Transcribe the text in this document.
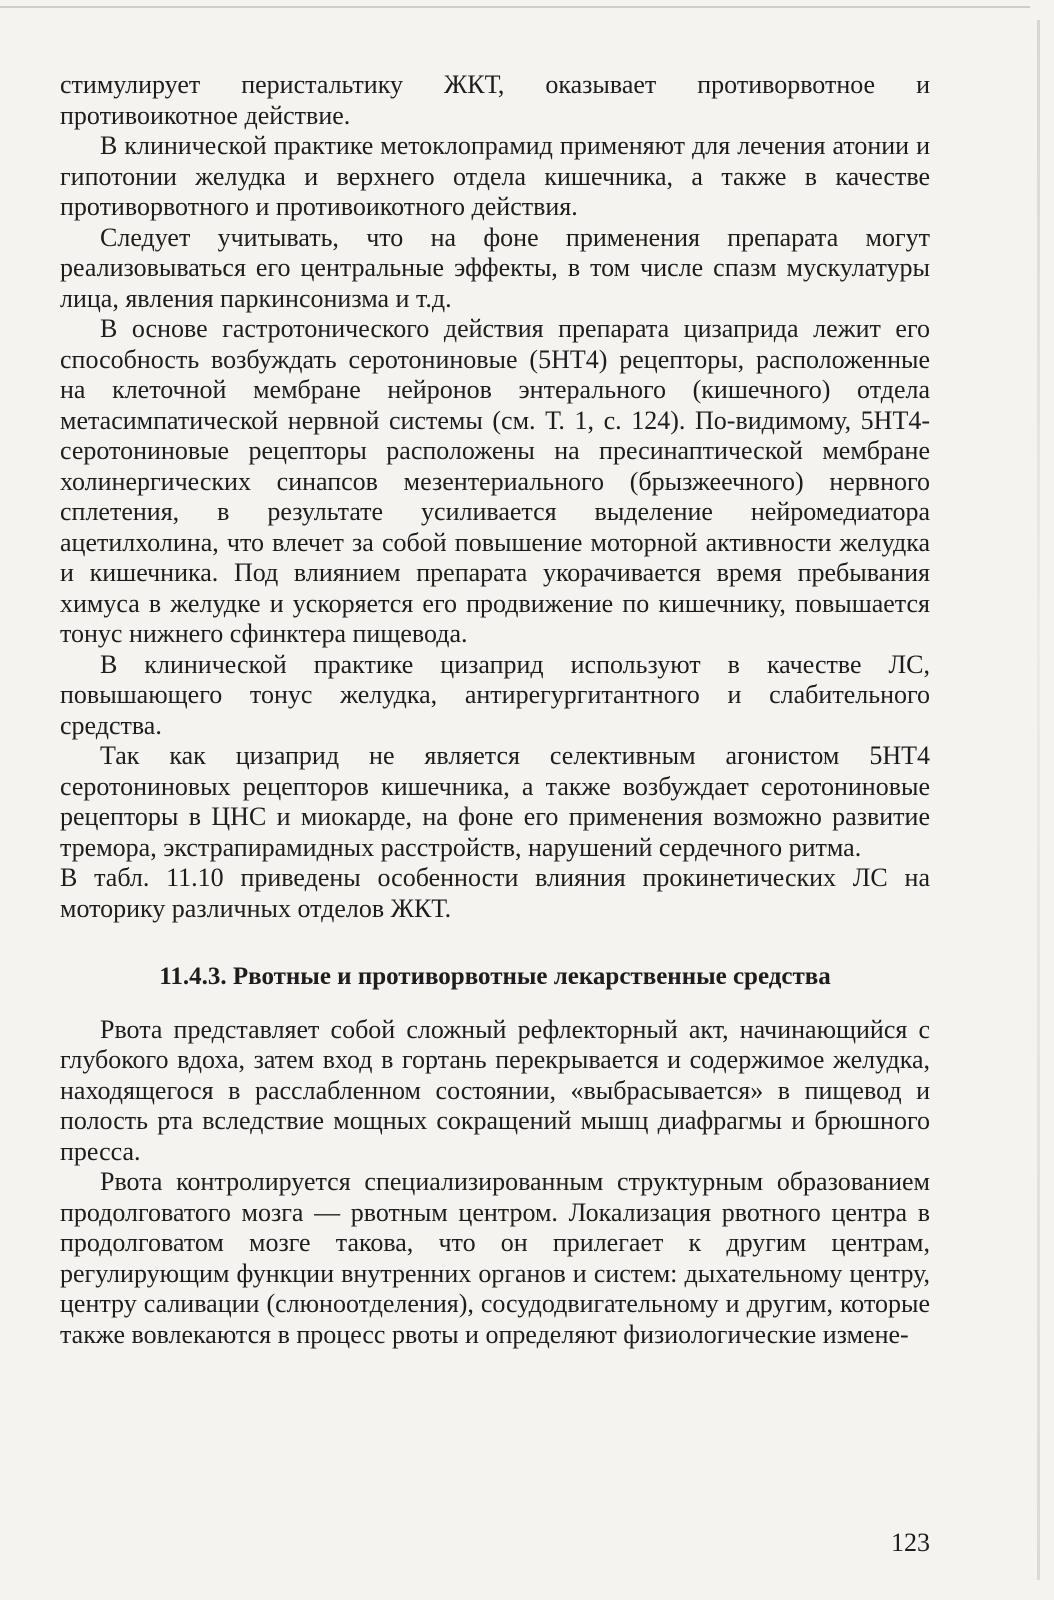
стимулирует перистальтику ЖКТ, оказывает противорвотное и противоикотное действие.

В клинической практике метоклопрамид применяют для лечения атонии и гипотонии желудка и верхнего отдела кишечника, а также в качестве противорвотного и противоикотного действия.

Следует учитывать, что на фоне применения препарата могут реализовываться его центральные эффекты, в том числе спазм мускулатуры лица, явления паркинсонизма и т.д.

В основе гастротонического действия препарата цизаприда лежит его способность возбуждать серотониновые (5HT4) рецепторы, расположенные на клеточной мембране нейронов энтерального (кишечного) отдела метасимпатической нервной системы (см. Т. 1, с. 124). По-видимому, 5HT4-серотониновые рецепторы расположены на пресинаптической мембране холинергических синапсов мезентериального (брызжеечного) нервного сплетения, в результате усиливается выделение нейромедиатора ацетилхолина, что влечет за собой повышение моторной активности желудка и кишечника. Под влиянием препарата укорачивается время пребывания химуса в желудке и ускоряется его продвижение по кишечнику, повышается тонус нижнего сфинктера пищевода.

В клинической практике цизаприд используют в качестве ЛС, повышающего тонус желудка, антирегургитантного и слабительного средства.

Так как цизаприд не является селективным агонистом 5HT4 серотониновых рецепторов кишечника, а также возбуждает серотониновые рецепторы в ЦНС и миокарде, на фоне его применения возможно развитие тремора, экстрапирамидных расстройств, нарушений сердечного ритма.

В табл. 11.10 приведены особенности влияния прокинетических ЛС на моторику различных отделов ЖКТ.

11.4.3. Рвотные и противорвотные лекарственные средства

Рвота представляет собой сложный рефлекторный акт, начинающийся с глубокого вдоха, затем вход в гортань перекрывается и содержимое желудка, находящегося в расслабленном состоянии, «выбрасывается» в пищевод и полость рта вследствие мощных сокращений мышц диафрагмы и брюшного пресса.

Рвота контролируется специализированным структурным образованием продолговатого мозга — рвотным центром. Локализация рвотного центра в продолговатом мозге такова, что он прилегает к другим центрам, регулирующим функции внутренних органов и систем: дыхательному центру, центру саливации (слюноотделения), сосудодвигательному и другим, которые также вовлекаются в процесс рвоты и определяют физиологические измене-

123
